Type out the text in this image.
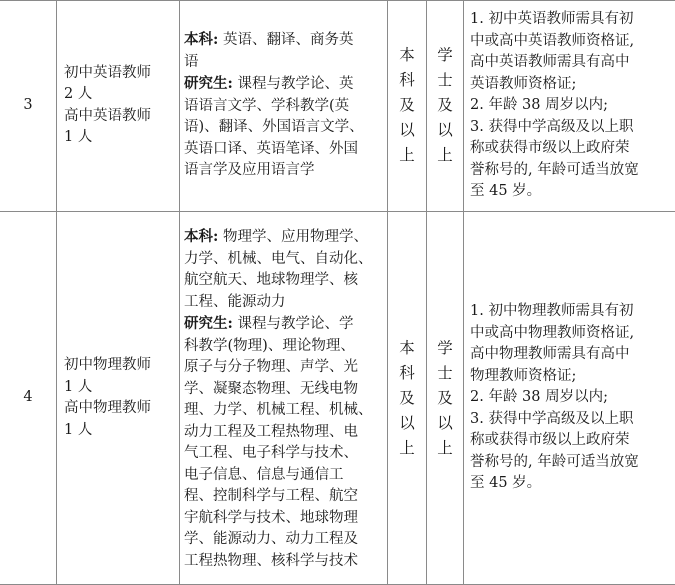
3
初中英语教师
2 人
高中英语教师
1 人
本科: 英语、翻译、商务英
语
研究生: 课程与教学论、英
语语言文学、学科教学(英
语)、翻译、外国语言文学、
英语口译、英语笔译、外国
语言学及应用语言学
本
科
及
以
上
学
士
及
以
上
1. 初中英语教师需具有初
中或高中英语教师资格证,
高中英语教师需具有高中
英语教师资格证;
2. 年龄 38 周岁以内;
3. 获得中学高级及以上职
称或获得市级以上政府荣
誉称号的, 年龄可适当放宽
至 45 岁。
4
初中物理教师
1 人
高中物理教师
1 人
本科: 物理学、应用物理学、
力学、机械、电气、自动化、
航空航天、地球物理学、核
工程、能源动力
研究生: 课程与教学论、学
科教学(物理)、理论物理、
原子与分子物理、声学、光
学、凝聚态物理、无线电物
理、力学、机械工程、机械、
动力工程及工程热物理、电
气工程、电子科学与技术、
电子信息、信息与通信工
程、控制科学与工程、航空
宇航科学与技术、地球物理
学、能源动力、动力工程及
工程热物理、核科学与技术
本
科
及
以
上
学
士
及
以
上
1. 初中物理教师需具有初
中或高中物理教师资格证,
高中物理教师需具有高中
物理教师资格证;
2. 年龄 38 周岁以内;
3. 获得中学高级及以上职
称或获得市级以上政府荣
誉称号的, 年龄可适当放宽
至 45 岁。
